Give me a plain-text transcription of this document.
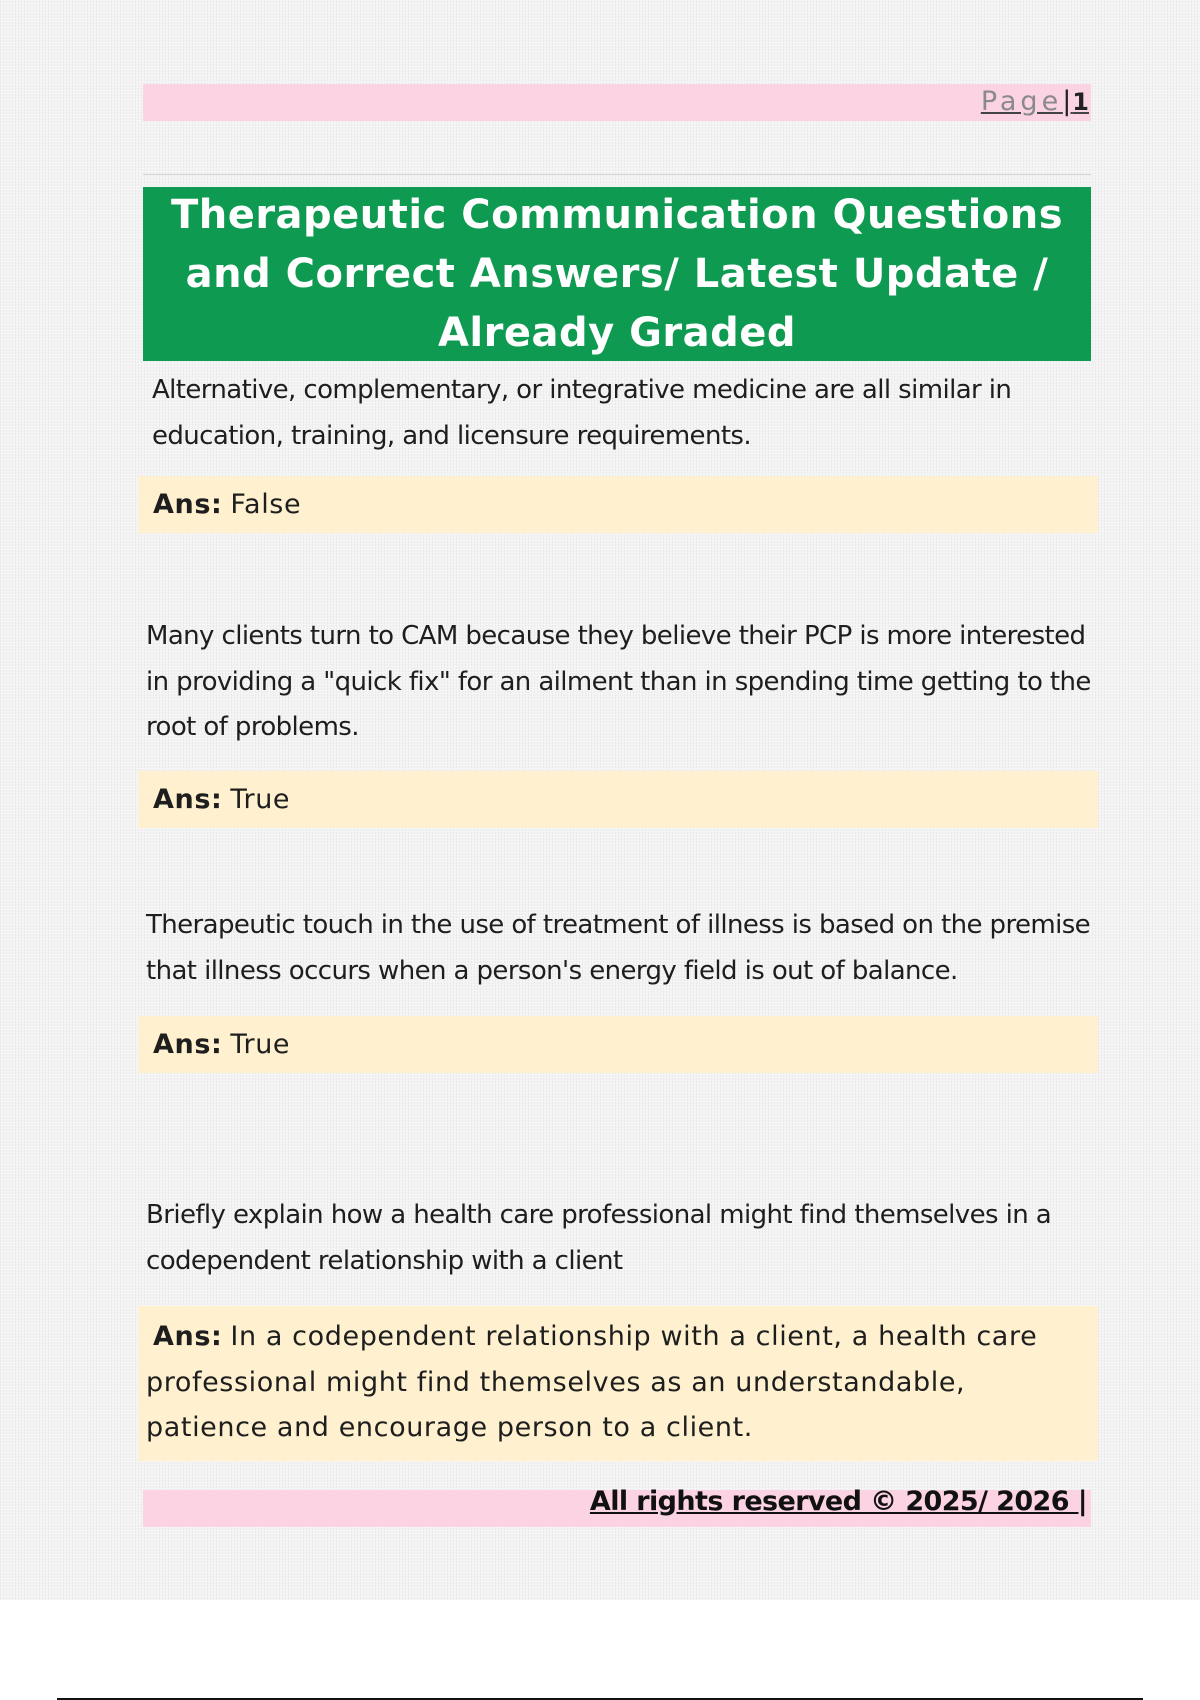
Page|1
Therapeutic Communication Questions and Correct Answers/ Latest Update / Already Graded

Alternative, complementary, or integrative medicine are all similar in education, training, and licensure requirements.

Ans: False

Many clients turn to CAM because they believe their PCP is more interested in providing a "quick fix" for an ailment than in spending time getting to the root of problems.

Ans: True

Therapeutic touch in the use of treatment of illness is based on the premise that illness occurs when a person's energy field is out of balance.

Ans: True

Briefly explain how a health care professional might find themselves in a codependent relationship with a client

Ans: In a codependent relationship with a client, a health care professional might find themselves as an understandable, patience and encourage person to a client.
All rights reserved © 2025/ 2026 |
